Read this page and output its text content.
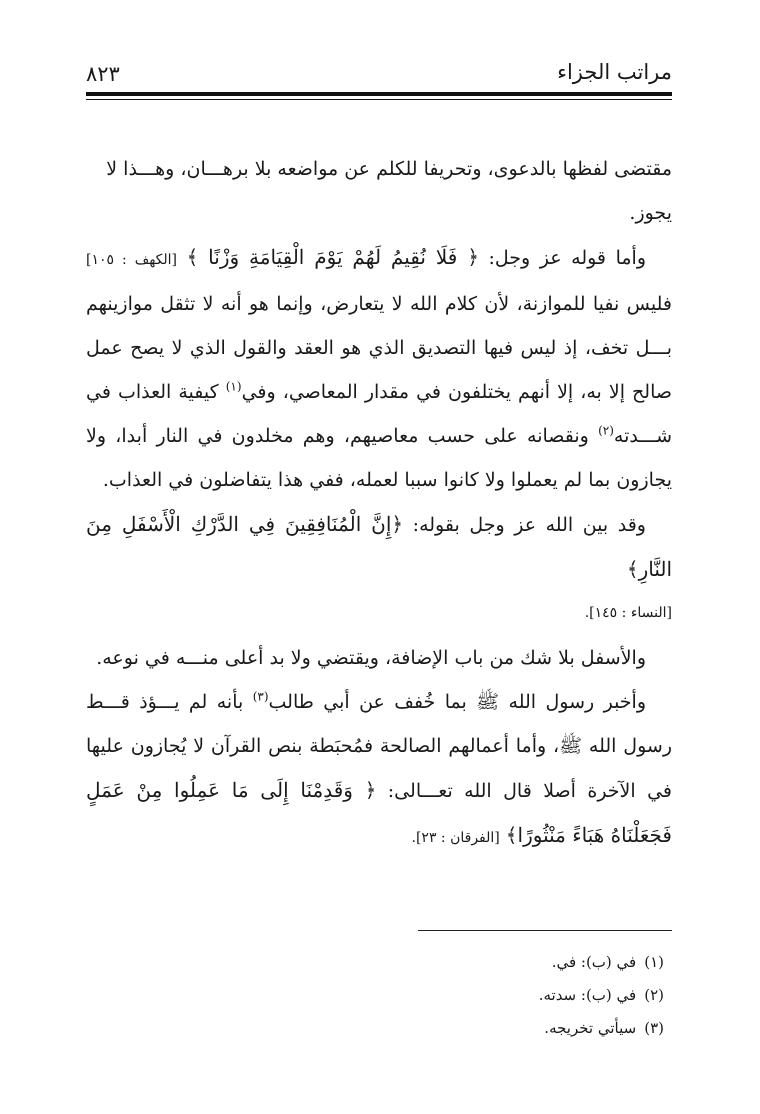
٨٢٣	مراتب الجزاء

مقتضى لفظها بالدعوى، وتحريفا للكلم عن مواضعه بلا برهـــان، وهـــذا لا
يجوز.

وأما قوله عز وجل: ﴿ فَلَا نُقِيمُ لَهُمْ يَوْمَ الْقِيَامَةِ وَزْنًا ﴾ [الكهف : ١٠٥] فليس نفيا للموازنة، لأن كلام الله لا يتعارض، وإنما هو أنه لا تثقل موازينهم بـــل تخف، إذ ليس فيها التصديق الذي هو العقد والقول الذي لا يصح عمل صالح إلا به، إلا أنهم يختلفون في مقدار المعاصي، وفي$^{(١)}$ كيفية العذاب في شـــدته$^{(٢)}$ ونقصانه على حسب معاصيهم، وهم مخلدون في النار أبدا، ولا يجازون بما لم يعملوا ولا كانوا سببا لعمله، ففي هذا يتفاضلون في العذاب.

وقد بين الله عز وجل بقوله: ﴿إِنَّ الْمُنَافِقِينَ فِي الدَّرْكِ الْأَسْفَلِ مِنَ النَّارِ﴾

[النساء : ١٤٥].

والأسفل بلا شك من باب الإضافة، ويقتضي ولا بد أعلى منـــه في نوعه.

وأخبر رسول الله ﷺ بما خُفف عن أبي طالب$^{(٣)}$ بأنه لم يـــؤذ قـــط رسول الله ﷺ، وأما أعمالهم الصالحة فمُحبَطة بنص القرآن لا يُجازون عليها في الآخرة أصلا قال الله تعـــالى: ﴿ وَقَدِمْنَا إِلَى مَا عَمِلُوا مِنْ عَمَلٍ فَجَعَلْنَاهُ هَبَاءً مَنْثُورًا﴾ [الفرقان : ٢٣].

(١)في (ب): في.

(٢)في (ب): سدته.

(٣)سيأتي تخريجه.
